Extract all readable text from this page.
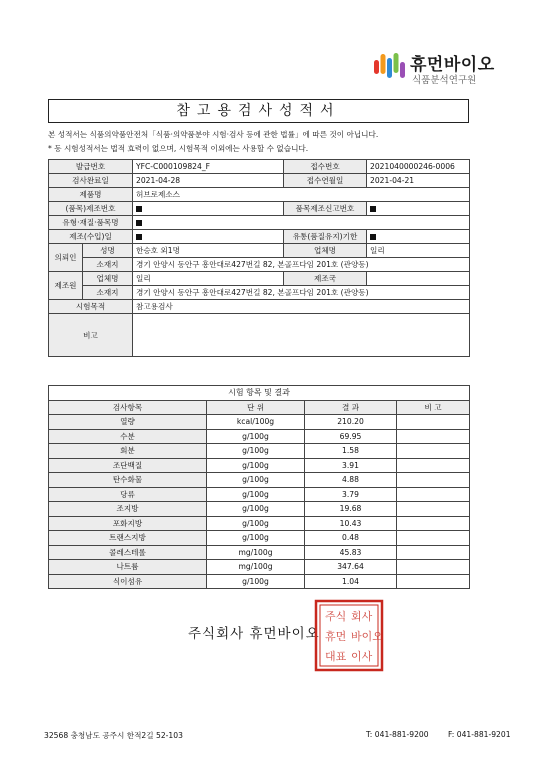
휴먼바이오
식품분석연구원
참고용검사성적서
본 성적서는 식품의약품안전처「식품·의약품분야 시험·검사 등에 관한 법률」에 따른 것이 아닙니다.
* 동 시험성적서는 법적 효력이 없으며, 시험목적 이외에는 사용할 수 없습니다.
발급번호		YFC-C000109824_F	접수번호	2021040000246-0006
검사완료일		2021-04-28	접수연월일	2021-04-21
제품명		허브로제소스		
(품목)제조번호			품목제조신고번호	
유형·재질·품목명				
제조(수입)일			유통(품질유지)기한	
의뢰인	성명	한승호 외1명	업체명	일리
	소재지	경기 안양시 동안구 흥안대로427번길 82, 본골프다임 201호 (관양동)		
제조원	업체명	일리	제조국	
	소재지	경기 안양시 동안구 흥안대로427번길 82, 본골프다임 201호 (관양동)		
시험목적		참고용검사		
비고				
시험 항목 및 결과			
검사항목	단 위	결 과	비 고
열량	kcal/100g	210.20	
수분	g/100g	69.95	
회분	g/100g	1.58	
조단백질	g/100g	3.91	
탄수화물	g/100g	4.88	
당류	g/100g	3.79	
조지방	g/100g	19.68	
포화지방	g/100g	10.43	
트랜스지방	g/100g	0.48	
콜레스테롤	mg/100g	45.83	
나트륨	mg/100g	347.64	
식이섬유	g/100g	1.04	
주식회사 휴먼바이오
주식 회사
휴먼 바이오
대표 이사
32568 충청남도 공주시 한적2길 52-103	T: 041-881-9200	F: 041-881-9201
